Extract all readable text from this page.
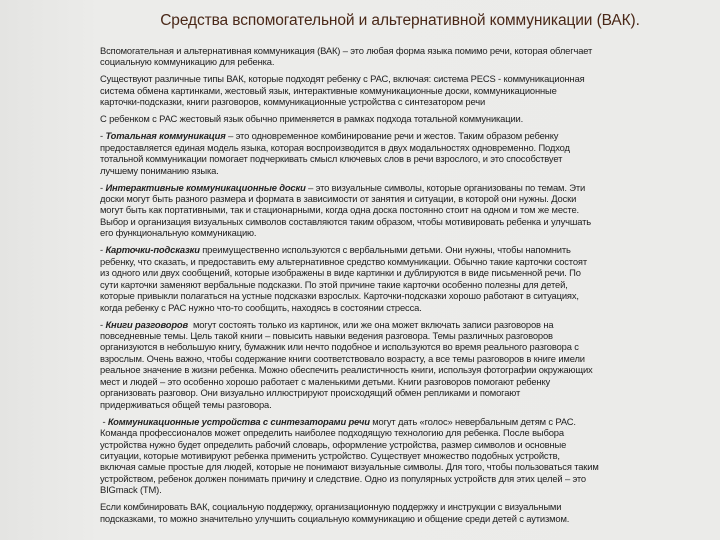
Средства вспомогательной и альтернативной коммуникации (ВАК).
Вспомогательная и альтернативная коммуникация (ВАК) – это любая форма языка помимо речи, которая облегчает
социальную коммуникацию для ребенка.
Существуют различные типы ВАК, которые подходят ребенку с РАС, включая: система PECS - коммуникационная
система обмена картинками, жестовый язык, интерактивные коммуникационные доски, коммуникационные
карточки-подсказки, книги разговоров, коммуникационные устройства с синтезатором речи
С ребенком с РАС жестовый язык обычно применяется в рамках подхода тотальной коммуникации.
- Тотальная коммуникация – это одновременное комбинирование речи и жестов. Таким образом ребенку
предоставляется единая модель языка, которая воспроизводится в двух модальностях одновременно. Подход
тотальной коммуникации помогает подчеркивать смысл ключевых слов в речи взрослого, и это способствует
лучшему пониманию языка.
- Интерактивные коммуникационные доски – это визуальные символы, которые организованы по темам. Эти
доски могут быть разного размера и формата в зависимости от занятия и ситуации, в которой они нужны. Доски
могут быть как портативными, так и стационарными, когда одна доска постоянно стоит на одном и том же месте.
Выбор и организация визуальных символов составляются таким образом, чтобы мотивировать ребенка и улучшать
его функциональную коммуникацию.
- Карточки-подсказки преимущественно используются с вербальными детьми. Они нужны, чтобы напомнить
ребенку, что сказать, и предоставить ему альтернативное средство коммуникации. Обычно такие карточки состоят
из одного или двух сообщений, которые изображены в виде картинки и дублируются в виде письменной речи. По
сути карточки заменяют вербальные подсказки. По этой причине такие карточки особенно полезны для детей,
которые привыкли полагаться на устные подсказки взрослых. Карточки-подсказки хорошо работают в ситуациях,
когда ребенку с РАС нужно что-то сообщить, находясь в состоянии стресса.
- Книги разговоров  могут состоять только из картинок, или же она может включать записи разговоров на
повседневные темы. Цель такой книги – повысить навыки ведения разговора. Темы различных разговоров
организуются в небольшую книгу, бумажник или нечто подобное и используются во время реального разговора с
взрослым. Очень важно, чтобы содержание книги соответствовало возрасту, а все темы разговоров в книге имели
реальное значение в жизни ребенка. Можно обеспечить реалистичность книги, используя фотографии окружающих
мест и людей – это особенно хорошо работает с маленькими детьми. Книги разговоров помогают ребенку
организовать разговор. Они визуально иллюстрируют происходящий обмен репликами и помогают
придерживаться общей темы разговора.
- Коммуникационные устройства с синтезаторами речи могут дать «голос» невербальным детям с РАС.
Команда профессионалов может определить наиболее подходящую технологию для ребенка. После выбора
устройства нужно будет определить рабочий словарь, оформление устройства, размер символов и основные
ситуации, которые мотивируют ребенка применить устройство. Существует множество подобных устройств,
включая самые простые для людей, которые не понимают визуальные символы. Для того, чтобы пользоваться таким
устройством, ребенок должен понимать причину и следствие. Одно из популярных устройств для этих целей – это
BIGmack (TM).
Если комбинировать ВАК, социальную поддержку, организационную поддержку и инструкции с визуальными
подсказками, то можно значительно улучшить социальную коммуникацию и общение среди детей с аутизмом.
